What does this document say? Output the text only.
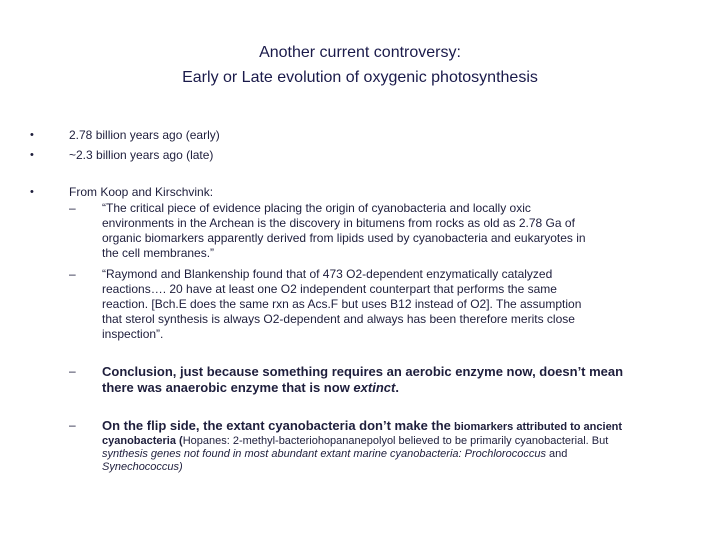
Another current controversy:
Early or Late evolution of oxygenic photosynthesis
•	2.78 billion years ago (early)
•	~2.3 billion years ago (late)
•	From Koop and Kirschvink:
– “The critical piece of evidence placing the origin of cyanobacteria and locally oxic
environments in the Archean is the discovery in bitumens from rocks as old as 2.78 Ga of
organic biomarkers apparently derived from lipids used by cyanobacteria and eukaryotes in
the cell membranes.”
– “Raymond and Blankenship found that of 473 O2-dependent enzymatically catalyzed
reactions…. 20 have at least one O2 independent counterpart that performs the same
reaction. [Bch.E does the same rxn as Acs.F but uses B12 instead of O2]. The assumption
that sterol synthesis is always O2-dependent and always has been therefore merits close
inspection”.
– Conclusion, just because something requires an aerobic enzyme now, doesn’t mean
there was anaerobic enzyme that is now extinct.
– On the flip side, the extant cyanobacteria don’t make the biomarkers attributed to ancient
cyanobacteria (Hopanes: 2-methyl-bacteriohopananepolyol believed to be primarily cyanobacterial. But
synthesis genes not found in most abundant extant marine cyanobacteria: Prochlorococcus and
Synechococcus)
